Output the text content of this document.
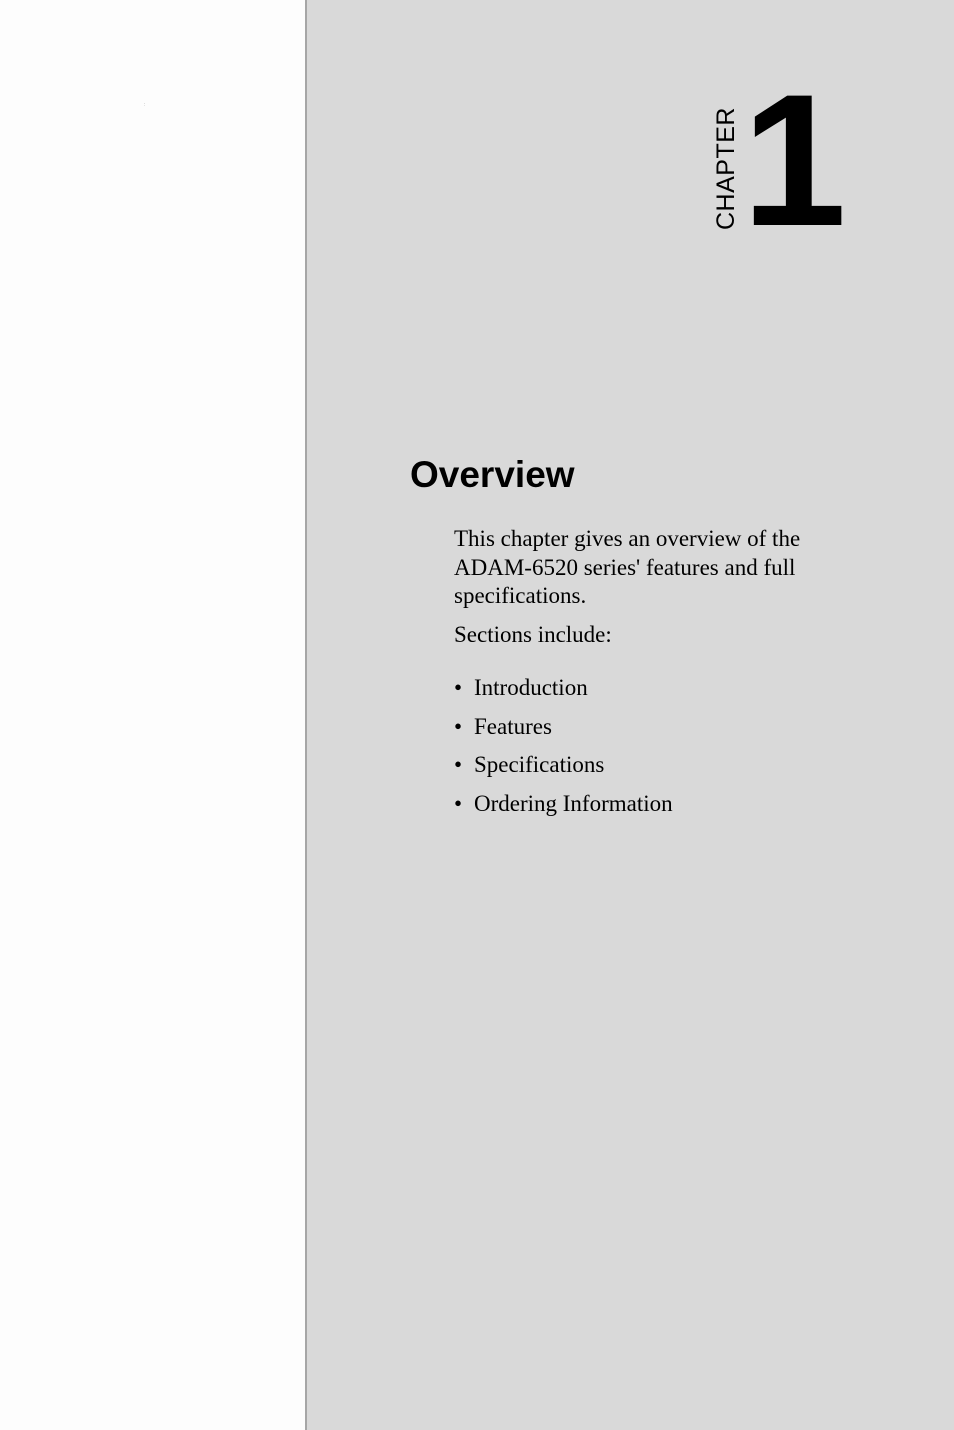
:
CHAPTER 1
Overview

This chapter gives an overview of the ADAM-6520 series' features and full specifications.

Sections include:

• Introduction
• Features
• Specifications
• Ordering Information
